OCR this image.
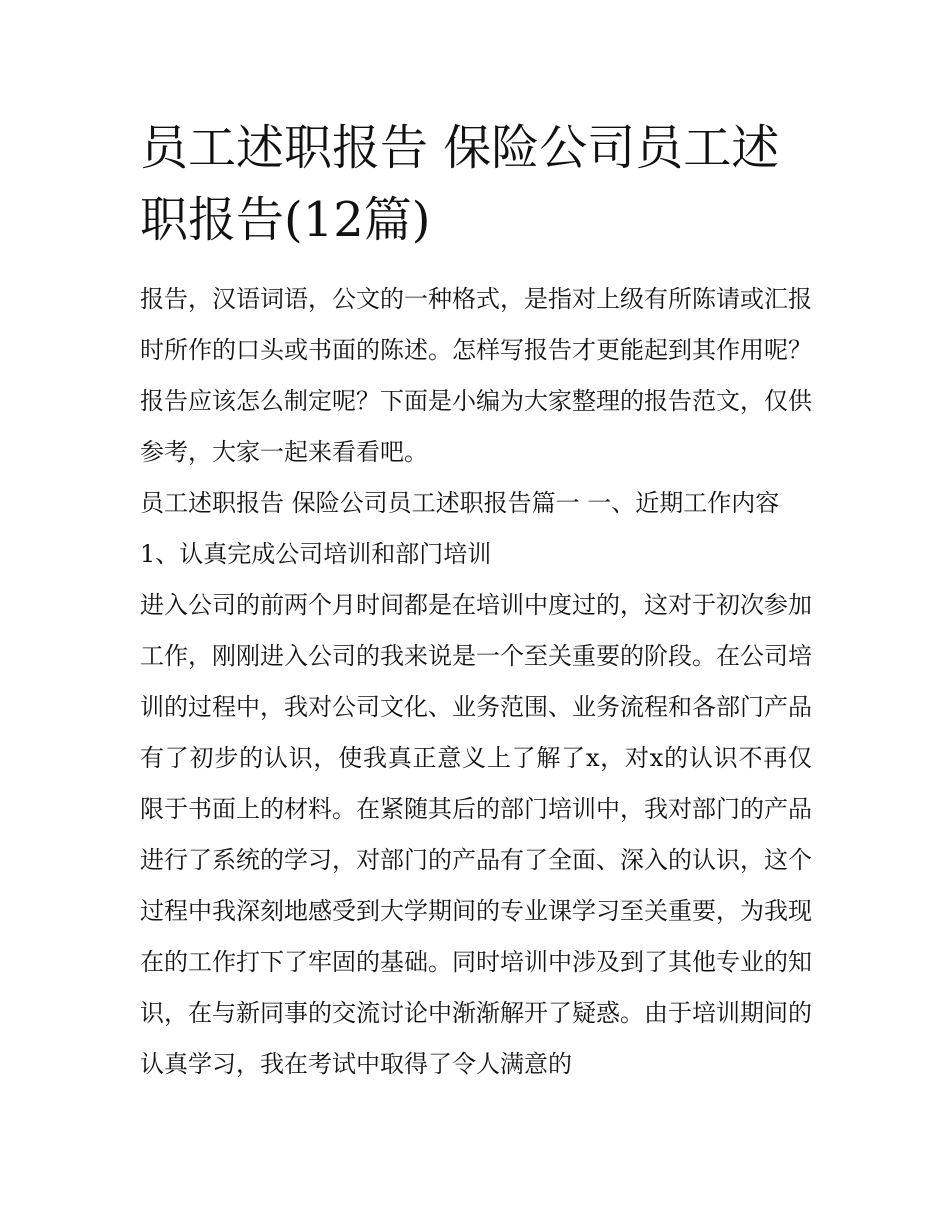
员工述职报告 保险公司员工述职报告(12篇)

报告，汉语词语，公文的一种格式，是指对上级有所陈请或汇报时所作的口头或书面的陈述。怎样写报告才更能起到其作用呢？报告应该怎么制定呢？下面是小编为大家整理的报告范文，仅供参考，大家一起来看看吧。

员工述职报告 保险公司员工述职报告篇一 一、近期工作内容

1、认真完成公司培训和部门培训

进入公司的前两个月时间都是在培训中度过的，这对于初次参加工作，刚刚进入公司的我来说是一个至关重要的阶段。在公司培训的过程中，我对公司文化、业务范围、业务流程和各部门产品有了初步的认识，使我真正意义上了解了x，对x的认识不再仅限于书面上的材料。在紧随其后的部门培训中，我对部门的产品进行了系统的学习，对部门的产品有了全面、深入的认识，这个过程中我深刻地感受到大学期间的专业课学习至关重要，为我现在的工作打下了牢固的基础。同时培训中涉及到了其他专业的知识，在与新同事的交流讨论中渐渐解开了疑惑。由于培训期间的认真学习，我在考试中取得了令人满意的
